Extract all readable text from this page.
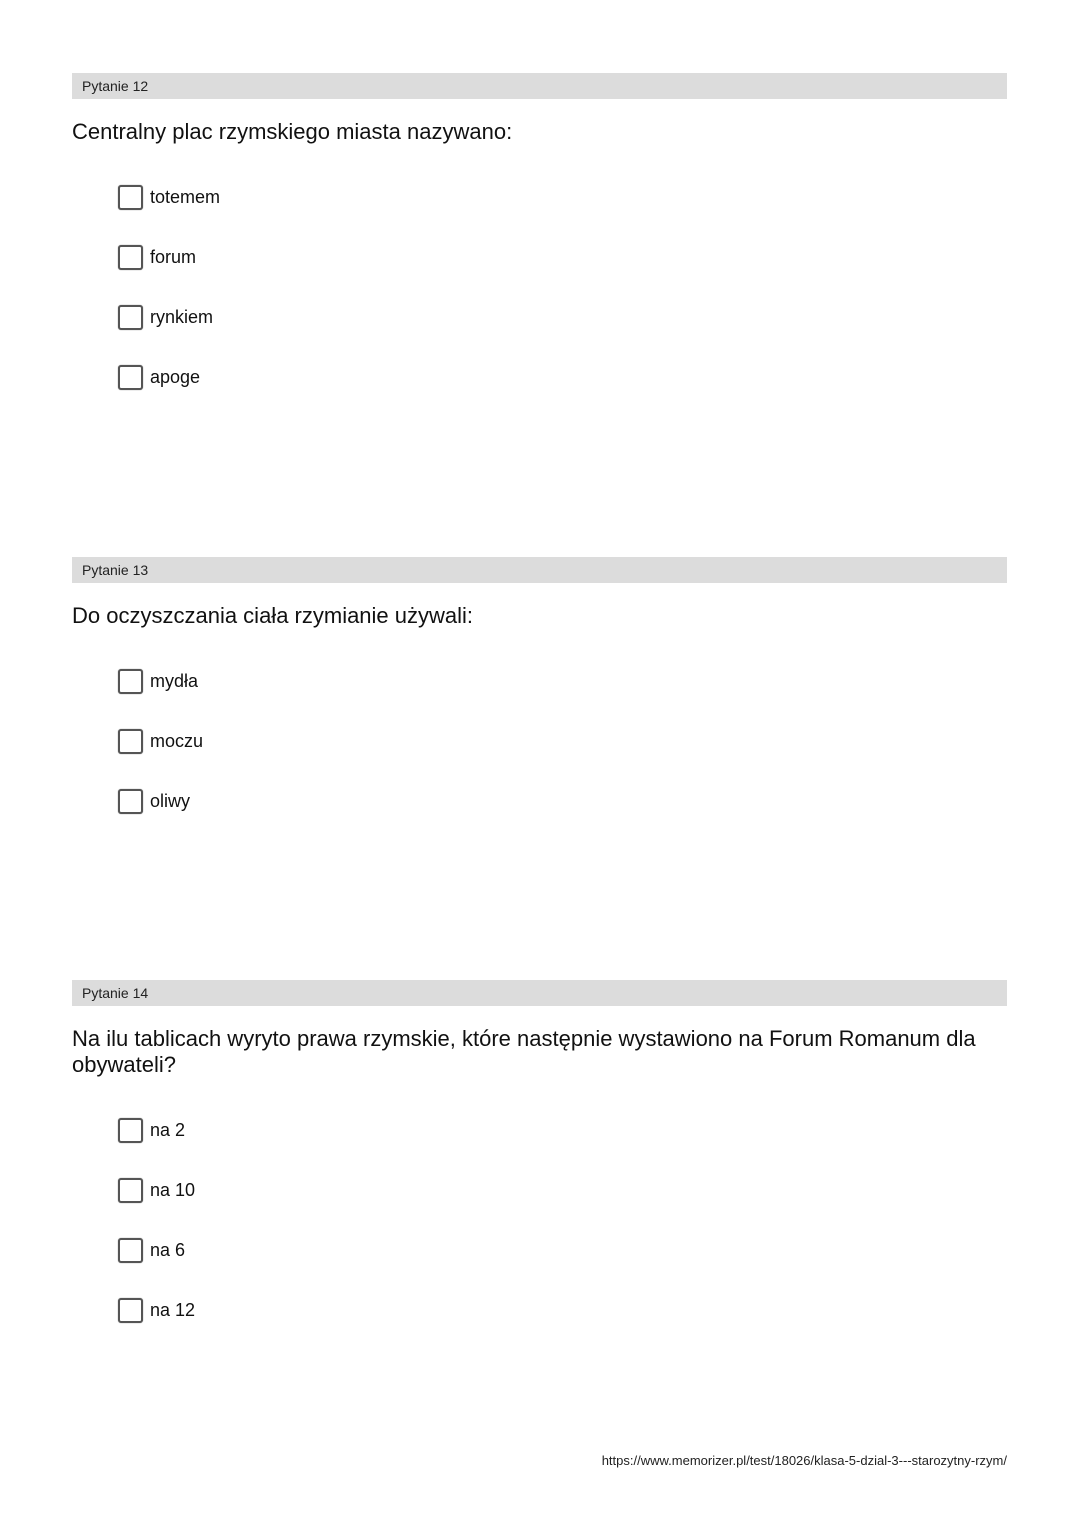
Pytanie 12
Centralny plac rzymskiego miasta nazywano:
totemem
forum
rynkiem
apoge
Pytanie 13
Do oczyszczania ciała rzymianie używali:
mydła
moczu
oliwy
Pytanie 14
Na ilu tablicach wyryto prawa rzymskie, które następnie wystawiono na Forum Romanum dla obywateli?
na 2
na 10
na 6
na 12
https://www.memorizer.pl/test/18026/klasa-5-dzial-3---starozytny-rzym/
